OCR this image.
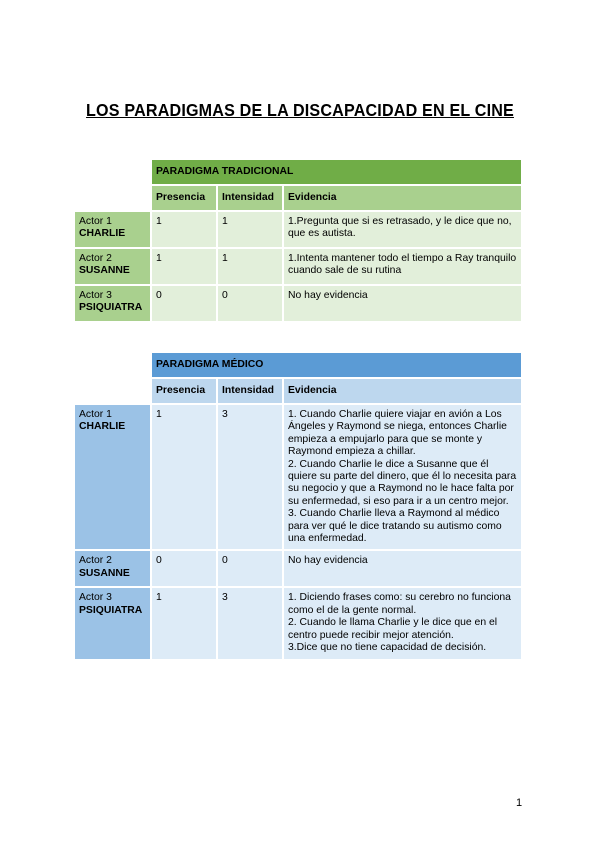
LOS PARADIGMAS DE LA DISCAPACIDAD EN EL CINE
	PARADIGMA TRADICIONAL		
	Presencia	Intensidad	Evidencia

Actor 1
CHARLIE	1	1	1.Pregunta que si es retrasado, y le dice que no, que es autista.

Actor 2
SUSANNE	1	1	1.Intenta mantener todo el tiempo a Ray tranquilo cuando sale de su rutina

Actor 3
PSIQUIATRA	0	0	No hay evidencia
	PARADIGMA MÉDICO		
	Presencia	Intensidad	Evidencia

Actor 1
CHARLIE	1	3	1. Cuando Charlie quiere viajar en avión a Los Ángeles y Raymond se niega, entonces Charlie empieza a empujarlo para que se monte y Raymond empieza a chillar.
2. Cuando Charlie le dice a Susanne que él quiere su parte del dinero, que él lo necesita para su negocio y que a Raymond no le hace falta por su enfermedad, si eso para ir a un centro mejor.
3. Cuando Charlie lleva a Raymond al médico para ver qué le dice tratando su autismo como una enfermedad.

Actor 2
SUSANNE	0	0	No hay evidencia

Actor 3
PSIQUIATRA	1	3	1. Diciendo frases como: su cerebro no funciona como el de la gente normal.
2. Cuando le llama Charlie y le dice que en el centro puede recibir mejor atención.
3.Dice que no tiene capacidad de decisión.
1
